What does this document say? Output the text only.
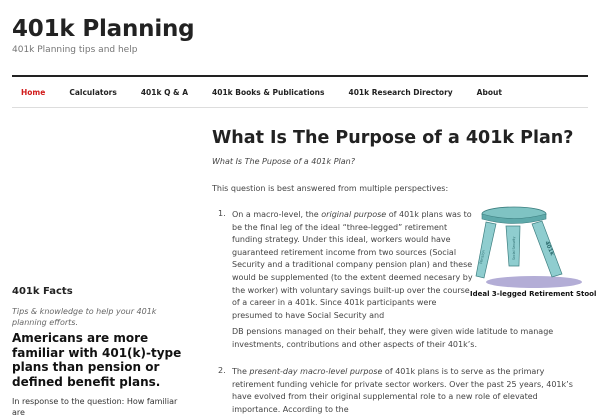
401k Planning
401k Planning tips and help
Home	Calculators	401k Q & A	401k Books & Publications	401k Research Directory	About
401k Facts
Tips & knowledge to help your 401k planning efforts.
Americans are more familiar with 401(k)-type plans than pension or defined benefit plans.
In response to the question: How familiar are
What Is The Purpose of a 401k Plan?
What Is The Pupose of a 401k Plan?
This question is best answered from multiple perspectives:
1. On a macro-level, the original purpose of 401k plans was to be the final leg of the ideal “three-legged” retirement funding strategy. Under this ideal, workers would have guaranteed retirement income from two sources (Social Security and a traditional company pension plan) and these would be supplemented (to the extent deemed necesary by the worker) with voluntary savings built-up over the course of a career in a 401k. Since 401k participants were presumed to have Social Security and
DB pensions managed on their behalf, they were given wide latitude to manage investments, contributions and other aspects of their 401k’s.
2. The present-day macro-level purpose of 401k plans is to serve as the primary retirement funding vehicle for private sector workers. Over the past 25 years, 401k’s have evolved from their original supplemental role to a new role of elevated importance. According to the
Pension	Social Security	401k
Ideal 3-legged Retirement Stool
